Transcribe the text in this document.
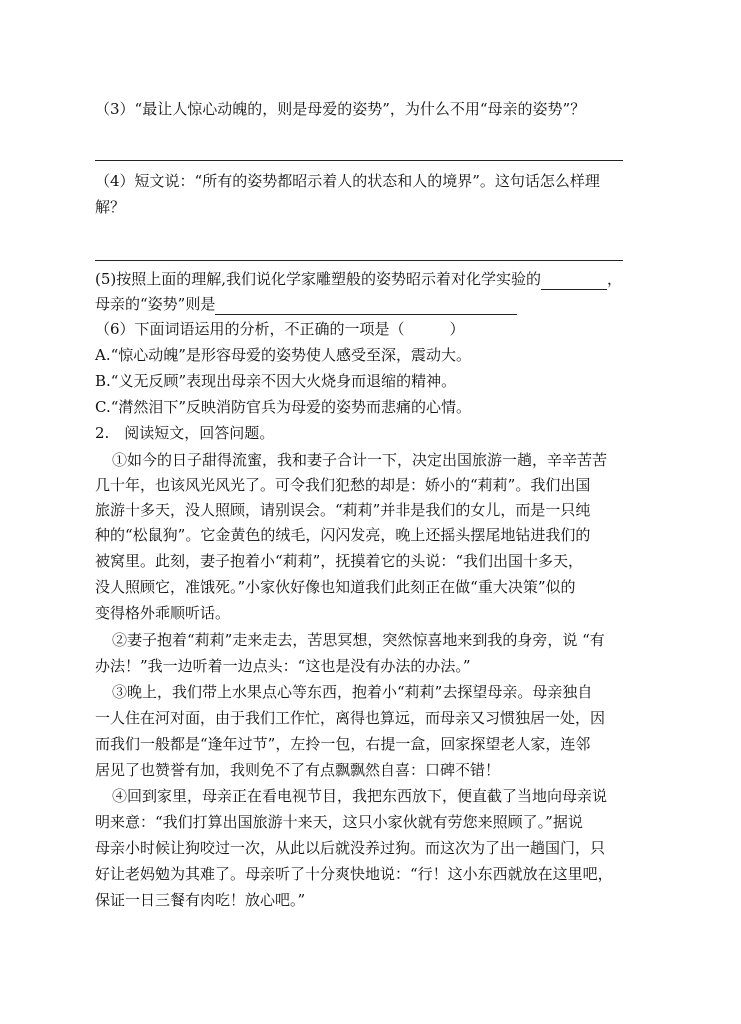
（3）“最让人惊心动魄的，则是母爱的姿势”，为什么不用“母亲的姿势”？
（4）短文说：“所有的姿势都昭示着人的状态和人的境界”。这句话怎么样理
解？
(5)按照上面的理解,我们说化学家雕塑般的姿势昭示着对化学实验的	，
母亲的“姿势”则是
（6）下面词语运用的分析，不正确的一项是（　　　）
A.“惊心动魄”是形容母爱的姿势使人感受至深，震动大。
B.“义无反顾”表现出母亲不因大火烧身而退缩的精神。
C.“潸然泪下”反映消防官兵为母爱的姿势而悲痛的心情。
2.　阅读短文，回答问题。
①如今的日子甜得流蜜，我和妻子合计一下，决定出国旅游一趟，辛辛苦苦
几十年，也该风光风光了。可令我们犯愁的却是：娇小的“莉莉”。我们出国
旅游十多天，没人照顾，请别误会。“莉莉”并非是我们的女儿，而是一只纯
种的“松鼠狗”。它金黄色的绒毛，闪闪发亮，晚上还摇头摆尾地钻进我们的
被窝里。此刻，妻子抱着小“莉莉”，抚摸着它的头说：“我们出国十多天，
没人照顾它，准饿死。”小家伙好像也知道我们此刻正在做“重大决策”似的
变得格外乖顺听话。
②妻子抱着“莉莉”走来走去，苦思冥想，突然惊喜地来到我的身旁，说 “有
办法！”我一边听着一边点头：“这也是没有办法的办法。”
③晚上，我们带上水果点心等东西，抱着小“莉莉”去探望母亲。母亲独自
一人住在河对面，由于我们工作忙，离得也算远，而母亲又习惯独居一处，因
而我们一般都是“逢年过节”，左拎一包，右提一盒，回家探望老人家，连邻
居见了也赞誉有加，我则免不了有点飘飘然自喜：口碑不错！
④回到家里，母亲正在看电视节目，我把东西放下，便直截了当地向母亲说
明来意：“我们打算出国旅游十来天，这只小家伙就有劳您来照顾了。”据说
母亲小时候让狗咬过一次，从此以后就没养过狗。而这次为了出一趟国门，只
好让老妈勉为其难了。母亲听了十分爽快地说：“行！这小东西就放在这里吧，
保证一日三餐有肉吃！放心吧。”
